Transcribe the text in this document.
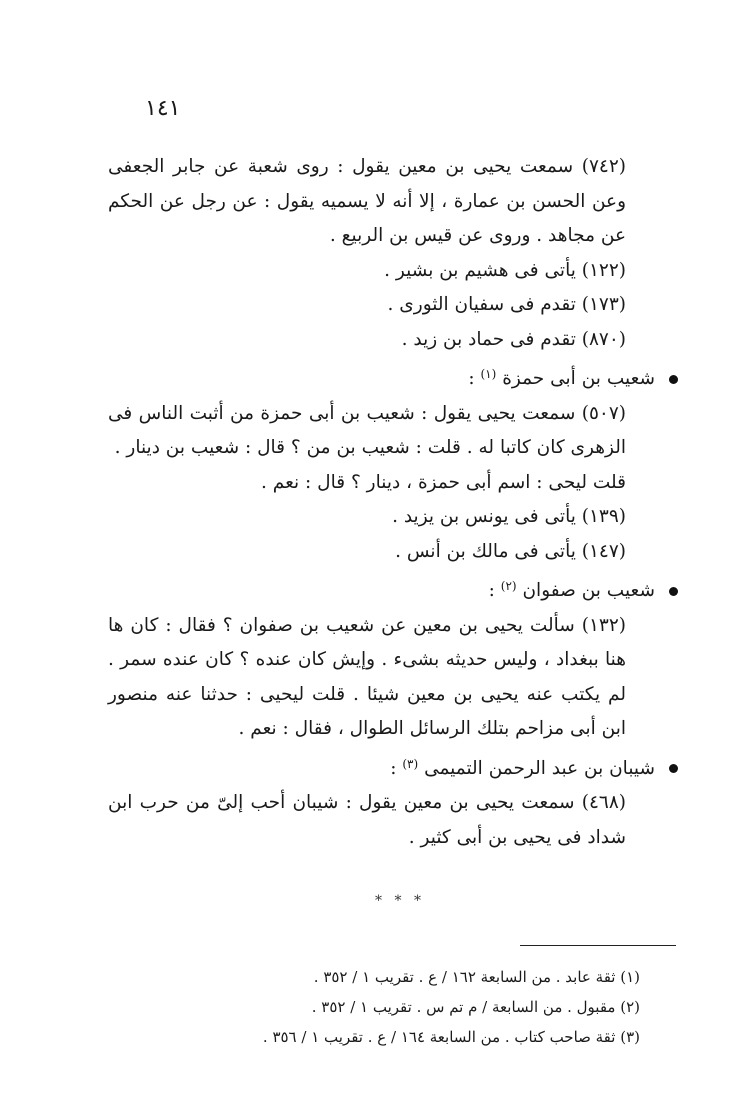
١٤١

(٧٤٢) سمعت يحيى بن معين يقول : روى شعبة عن جابر الجعفى وعن الحسن بن عمارة ، إلا أنه لا يسميه يقول : عن رجل عن الحكم عن مجاهد . وروى عن قيس بن الربيع .

(١٢٢) يأتى فى هشيم بن بشير .

(١٧٣) تقدم فى سفيان الثورى .

(٨٧٠) تقدم فى حماد بن زيد .

شعيب بن أبى حمزة $^{(١)}$ :

(٥٠٧) سمعت يحيى يقول : شعيب بن أبى حمزة من أثبت الناس فى الزهرى كان كاتبا له . قلت : شعيب بن من ؟ قال : شعيب بن دينار .

قلت ليحى : اسم أبى حمزة ، دينار ؟ قال : نعم .

(١٣٩) يأتى فى يونس بن يزيد .

(١٤٧) يأتى فى مالك بن أنس .

شعيب بن صفوان $^{(٢)}$ :

(١٣٢) سألت يحيى بن معين عن شعيب بن صفوان ؟ فقال : كان ها هنا ببغداد ، وليس حديثه بشىء . وإيش كان عنده ؟ كان عنده سمر . لم يكتب عنه يحيى بن معين شيئا . قلت ليحيى : حدثنا عنه منصور ابن أبى مزاحم بتلك الرسائل الطوال ، فقال : نعم .

شيبان بن عبد الرحمن التميمى $^{(٣)}$ :

(٤٦٨) سمعت يحيى بن معين يقول : شيبان أحب إلىّ من حرب ابن شداد فى يحيى بن أبى كثير .

* * *

(١) ثقة عابد . من السابعة ١٦٢ / ع . تقريب ١ / ٣٥٢ .

(٢) مقبول . من السابعة / م تم س . تقريب ١ / ٣٥٢ .

(٣) ثقة صاحب كتاب . من السابعة ١٦٤ / ع . تقريب ١ / ٣٥٦ .
